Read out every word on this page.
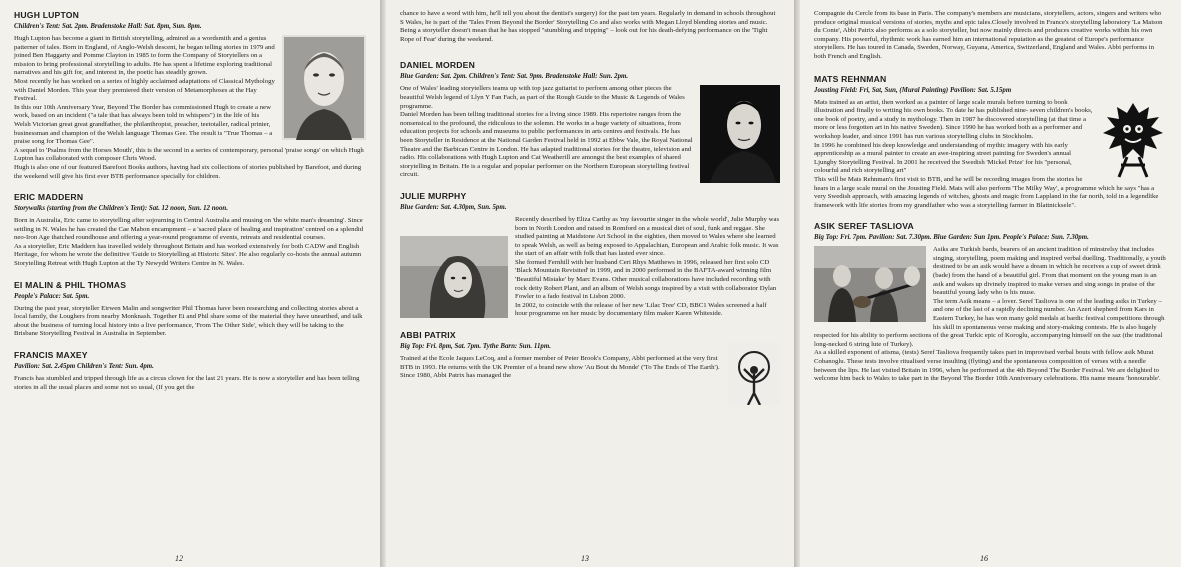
HUGH LUPTON
Children's Tent: Sat. 2pm. Bradenstoke Hall: Sat. 8pm, Sun. 8pm.

Hugh Lupton has become a giant in British storytelling, admired as a wordsmith and a genius patterner of tales. Born in England, of Anglo-Welsh descent, he began telling stories in 1979 and joined Ben Haggarty and Pomme Clayton in 1985 to form the Company of Storytellers on a mission to bring professional storytelling to adults. He has spent a lifetime exploring traditional narratives and his gift for, and interest in, the poetic has steadily grown.
Most recently he has worked on a series of highly acclaimed adaptations of Classical Mythology with Daniel Morden. This year they premiered their version of Metamorphoses at the Hay Festival.
In this our 10th Anniversary Year, Beyond The Border has commissioned Hugh to create a new work, based on an incident ("a tale that has always been told in whispers") in the life of his Welsh Victorian great great grandfather, the philanthropist, preacher, teetotaller, radical printer, businessman and champion of the Welsh language Thomas Gee. The result is "True Thomas – a praise song for Thomas Gee".
A sequel to 'Psalms from the Horses Mouth', this is the second in a series of contemporary, personal 'praise songs' on which Hugh Lupton has collaborated with composer Chris Wood.
Hugh is also one of our featured Barefoot Books authors, having had six collections of stories published by Barefoot, and during the weekend will give his first ever BTB performance specially for children.

ERIC MADDERN
Storywalks (starting from the Children's Tent): Sat. 12 noon, Sun. 12 noon.

Born in Australia, Eric came to storytelling after sojourning in Central Australia and musing on 'the white man's dreaming'. Since settling in N. Wales he has created the Cae Mabon encampment – a 'sacred place of healing and inspiration' centred on a splendid neo-Iron Age thatched roundhouse and offering a year-round programme of events, retreats and residential courses.
As a storyteller, Eric Maddern has travelled widely throughout Britain and has worked extensively for both CADW and English Heritage, for whom he wrote the definitive 'Guide to Storytelling at Historic Sites'. He also regularly co-hosts the annual autumn Storytelling Retreat with Hugh Lupton at the Ty Newydd Writers Centre in N. Wales.

EI MALIN & PHIL THOMAS
People's Palace: Sat. 5pm.

During the past year, storyteller Eirwen Malin and songwriter Phil Thomas have been researching and collecting stories about a local family, the Loughers from nearby Monknash. Together Ei and Phil share some of the material they have unearthed, and talk about the business of turning local history into a live performance, 'From The Other Side', which they will be taking to the Brisbane Storytelling Festival in Australia in September.

FRANCIS MAXEY
Pavilion: Sat. 2.45pm Children's Tent: Sun. 4pm.

Francis has stumbled and tripped through life as a circus clown for the last 21 years. He is now a storyteller and has been telling stories in all the usual places and some not so usual, (If you get the

12

chance to have a word with him, he'll tell you about the dentist's surgery) for the past ten years. Regularly in demand in schools throughout S Wales, he is part of the 'Tales From Beyond the Border' Storytelling Co and also works with Megan Lloyd blending stories and music. Being a storyteller doesn't mean that he has stopped "stumbling and tripping" – look out for his death-defying performance on the 'Tight Rope of Fear' during the weekend.

DANIEL MORDEN
Blue Garden: Sat. 2pm. Children's Tent: Sat. 9pm. Bradenstoke Hall: Sun. 2pm.

One of Wales' leading storytellers teams up with top jazz guitarist to perform among other pieces the beautiful Welsh legend of Llyn Y Fan Fach, as part of the Rough Guide to the Music & Legends of Wales programme.
Daniel Morden has been telling traditional stories for a living since 1989. His repertoire ranges from the nonsensical to the profound, the ridiculous to the solemn. He works in a huge variety of situations, from education projects for schools and museums to public performances in arts centres and festivals. He has been Storyteller in Residence at the National Garden Festival held in 1992 at Ebbw Vale, the Royal National Theatre and the Barbican Centre in London. He has adapted traditional stories for the theatre, television and radio. His collaborations with Hugh Lupton and Cat Weatherill are amongst the best examples of shared storytelling in Britain. He is a regular and popular performer on the Northern European storytelling festival circuit.

JULIE MURPHY
Blue Garden: Sat. 4.30pm, Sun. 5pm.

Recently described by Eliza Carthy as 'my favourite singer in the whole world', Julie Murphy was born in North London and raised in Romford on a musical diet of soul, funk and reggae. She studied painting at Maidstone Art School in the eighties, then moved to Wales where she learned to speak Welsh, as well as being exposed to Appalachian, European and Arabic folk music. It was the start of an affair with folk that has lasted ever since.
She formed Fernhill with her husband Ceri Rhys Matthews in 1996, released her first solo CD 'Black Mountain Revisited' in 1999, and in 2000 performed in the BAFTA-award winning film 'Beautiful Mistake' by Marc Evans. Other musical collaborations have included recording with rock deity Robert Plant, and an album of Welsh songs inspired by a visit with collaborator Dylan Fowler to a fado festival in Lisbon 2000.
In 2002, to coincide with the release of her new 'Lilac Tree' CD, BBC1 Wales screened a half hour programme on her music by documentary film maker Karen Whiteside.

ABBI PATRIX
Big Top: Fri. 8pm, Sat. 7pm. Tythe Barn: Sun. 11pm.

Trained at the Ecole Jaques LeCoq, and a former member of Peter Brook's Company, Abbi performed at the very first BTB in 1993. He returns with the UK Premier of a brand new show 'Au Bout du Monde' ('To The Ends of The Earth'). Since 1980, Abbi Patrix has managed the

13

Compagnie du Cercle from its base in Paris. The company's members are musicians, storytellers, actors, singers and writers who produce original musical versions of stories, myths and epic tales.Closely involved in France's storytelling laboratory 'La Maison du Conte', Abbi Patrix also performs as a solo storyteller, but now mainly directs and produces creative works within his own company. His powerful, rhythmic work has earned him an international reputation as the greatest of Europe's performance storytellers. He has toured in Canada, Sweden, Norway, Guyana, America, Switzerland, England and Wales. Abbi performs in both French and English.

MATS REHNMAN
Jousting Field: Fri, Sat, Sun, (Mural Painting) Pavilion: Sat. 5.15pm

Mats trained as an artist, then worked as a painter of large scale murals before turning to book illustration and finally to writing his own books. To date he has published nine- seven children's books, one book of poetry, and a study in mythology. Then in 1987 he discovered storytelling (at that time a more or less forgotten art in his native Sweden). Since 1990 he has worked both as a performer and workshop leader, and since 1991 has run various storytelling clubs in Stockholm.
In 1996 he combined his deep knowledge and understanding of mythic imagery with his early apprenticeship as a mural painter to create an awe-inspiring street painting for Sweden's annual Ljungby Storytelling Festival. In 2001 he received the Swedish 'Mickel Prize' for his "personal, colourful and rich storytelling art"
This will be Mats Rehnman's first visit to BTB, and he will be recording images from the stories he hears in a large scale mural on the Jousting Field. Mats will also perform 'The Milky Way', a programme which he says "has a very Swedish approach, with amazing legends of witches, ghosts and magic from Lappland in the far north, told in a legendlike framework with life stories from my grandfather who was a storytelling farmer in Blattnicksele".

ASIK SEREF TASLIOVA
Big Top: Fri. 7pm. Pavilion: Sat. 7.30pm. Blue Garden: Sun 1pm. People's Palace: Sun. 7.30pm.

Asiks are Turkish bards, bearers of an ancient tradition of minstrelsy that includes singing, storytelling, poem making and inspired verbal duelling. Traditionally, a youth destined to be an asik would have a dream in which he receives a cup of sweet drink (bade) from the hand of a beautiful girl. From that moment on the young man is an asik and wakes up divinely inspired to make verses and sing songs in praise of the beautiful young lady who is his muse.
The term Asik means – a lover. Seref Tasliova is one of the leading asiks in Turkey – and one of the last of a rapidly declining number. An Azeri shepherd from Kars in Eastern Turkey, he has won many gold medals at bardic festival competitions through his skill in spontaneous verse making and story-making contests. He is also hugely respected for his ability to perform sections of the great Turkic epic of Koroglu, accompanying himself on the saz (the traditional long-necked 6 string lute of Turkey).
As a skilled exponent of atisma, (tests) Seref Tasliova frequently takes part in improvised verbal bouts with fellow asik Murat Cobanoglu. These tests involve ritualised verse insulting (flyting) and the spontaneous composition of verses with a needle between the lips. He last visited Britain in 1996, when he performed at the 4th Beyond The Border Festival. We are delighted to welcome him back to Wales to take part in the Beyond The Border 10th Anniversary celebrations. His name means 'honourable'.

16
